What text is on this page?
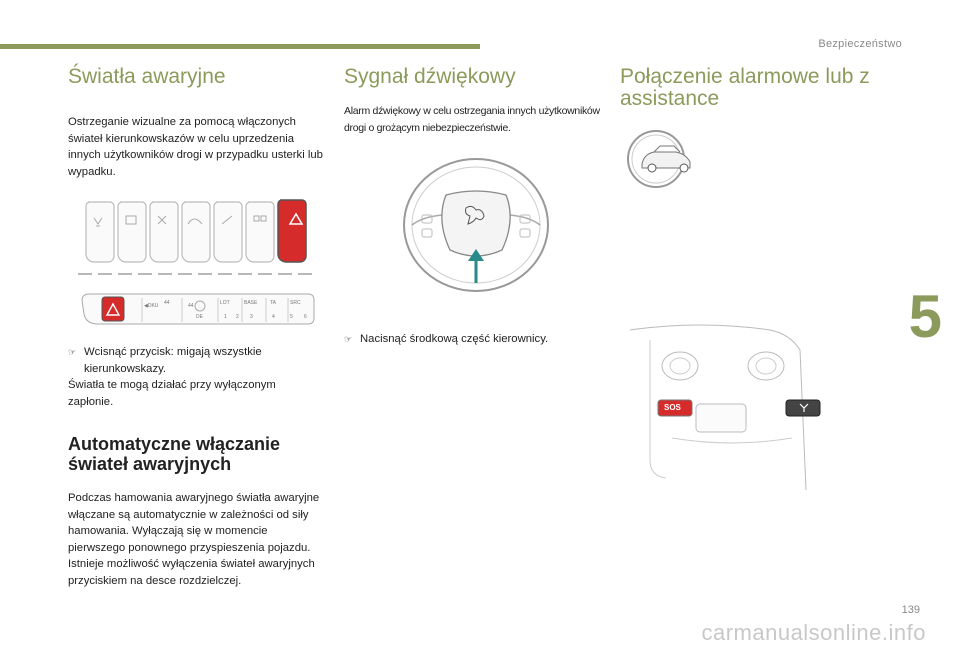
Bezpieczeństwo
5
Światła awaryjne

Ostrzeganie wizualne za pomocą włączonych świateł kierunkowskazów w celu uprzedzenia innych użytkowników drogi w przypadku usterki lub wypadku.

◀DKU 44	44
DE
LOT
1 2
BASE
3
TA
4
SRC
5 6
☞ Wcisnąć przycisk: migają wszystkie kierunkowskazy.

Światła te mogą działać przy wyłączonym zapłonie.

Automatyczne włączanie świateł awaryjnych

Podczas hamowania awaryjnego światła awaryjne włączane są automatycznie w zależności od siły hamowania. Wyłączają się w momencie pierwszego ponownego przyspieszenia pojazdu.

Istnieje możliwość wyłączenia świateł awaryjnych przyciskiem na desce rozdzielczej.

Sygnał dźwiękowy

Alarm dźwiękowy w celu ostrzegania innych użytkowników drogi o grożącym niebezpieczeństwie.

☞ Nacisnąć środkową część kierownicy.
Połączenie alarmowe lub z assistance
SOS
139
carmanualsonline.info
